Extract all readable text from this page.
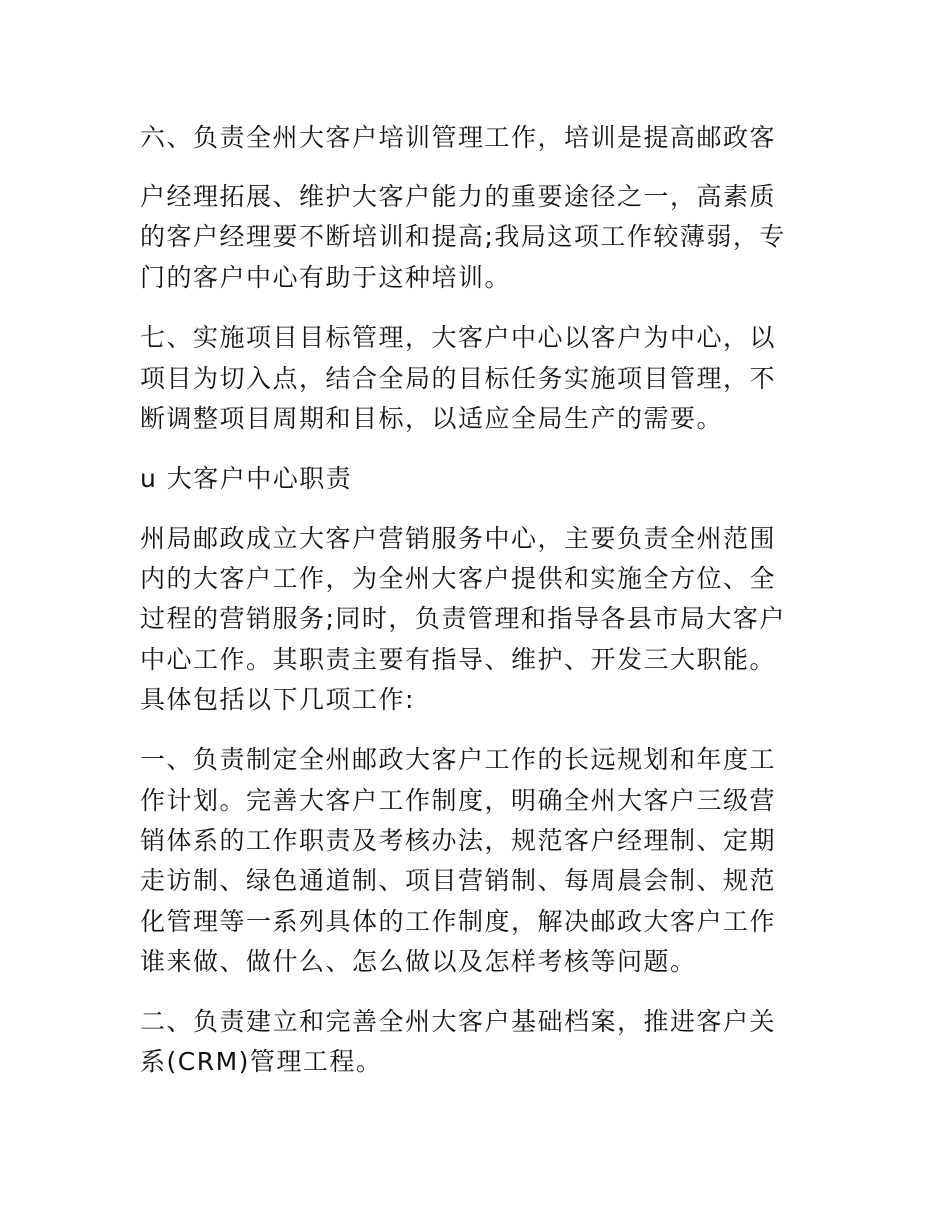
六、负责全州大客户培训管理工作，培训是提高邮政客

户经理拓展、维护大客户能力的重要途径之一，高素质

的客户经理要不断培训和提高;我局这项工作较薄弱，专

门的客户中心有助于这种培训。

七、实施项目目标管理，大客户中心以客户为中心，以

项目为切入点，结合全局的目标任务实施项目管理，不

断调整项目周期和目标，以适应全局生产的需要。

u 大客户中心职责

州局邮政成立大客户营销服务中心，主要负责全州范围

内的大客户工作，为全州大客户提供和实施全方位、全

过程的营销服务;同时，负责管理和指导各县市局大客户

中心工作。其职责主要有指导、维护、开发三大职能。

具体包括以下几项工作:

一、负责制定全州邮政大客户工作的长远规划和年度工

作计划。完善大客户工作制度，明确全州大客户三级营

销体系的工作职责及考核办法，规范客户经理制、定期

走访制、绿色通道制、项目营销制、每周晨会制、规范

化管理等一系列具体的工作制度，解决邮政大客户工作

谁来做、做什么、怎么做以及怎样考核等问题。

二、负责建立和完善全州大客户基础档案，推进客户关

系(CRM)管理工程。
